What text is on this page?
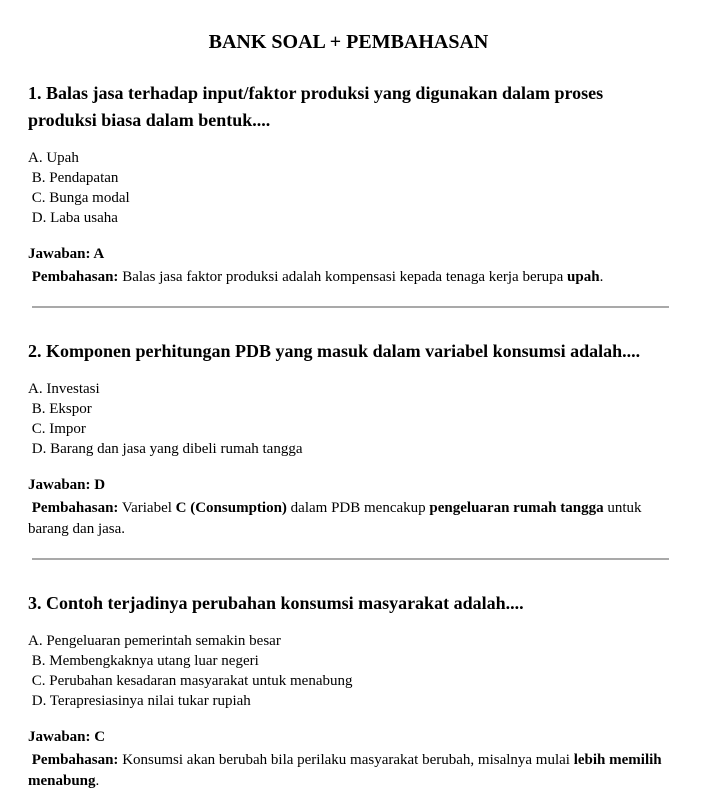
BANK SOAL + PEMBAHASAN
1. Balas jasa terhadap input/faktor produksi yang digunakan dalam proses produksi biasa dalam bentuk....

A. Upah

B. Pendapatan

C. Bunga modal

D. Laba usaha

Jawaban: A

Pembahasan: Balas jasa faktor produksi adalah kompensasi kepada tenaga kerja berupa upah.

2. Komponen perhitungan PDB yang masuk dalam variabel konsumsi adalah....

A. Investasi

B. Ekspor

C. Impor

D. Barang dan jasa yang dibeli rumah tangga

Jawaban: D

Pembahasan: Variabel C (Consumption) dalam PDB mencakup pengeluaran rumah tangga untuk barang dan jasa.

3. Contoh terjadinya perubahan konsumsi masyarakat adalah....

A. Pengeluaran pemerintah semakin besar

B. Membengkaknya utang luar negeri

C. Perubahan kesadaran masyarakat untuk menabung

D. Terapresiasinya nilai tukar rupiah

Jawaban: C

Pembahasan: Konsumsi akan berubah bila perilaku masyarakat berubah, misalnya mulai lebih memilih menabung.
